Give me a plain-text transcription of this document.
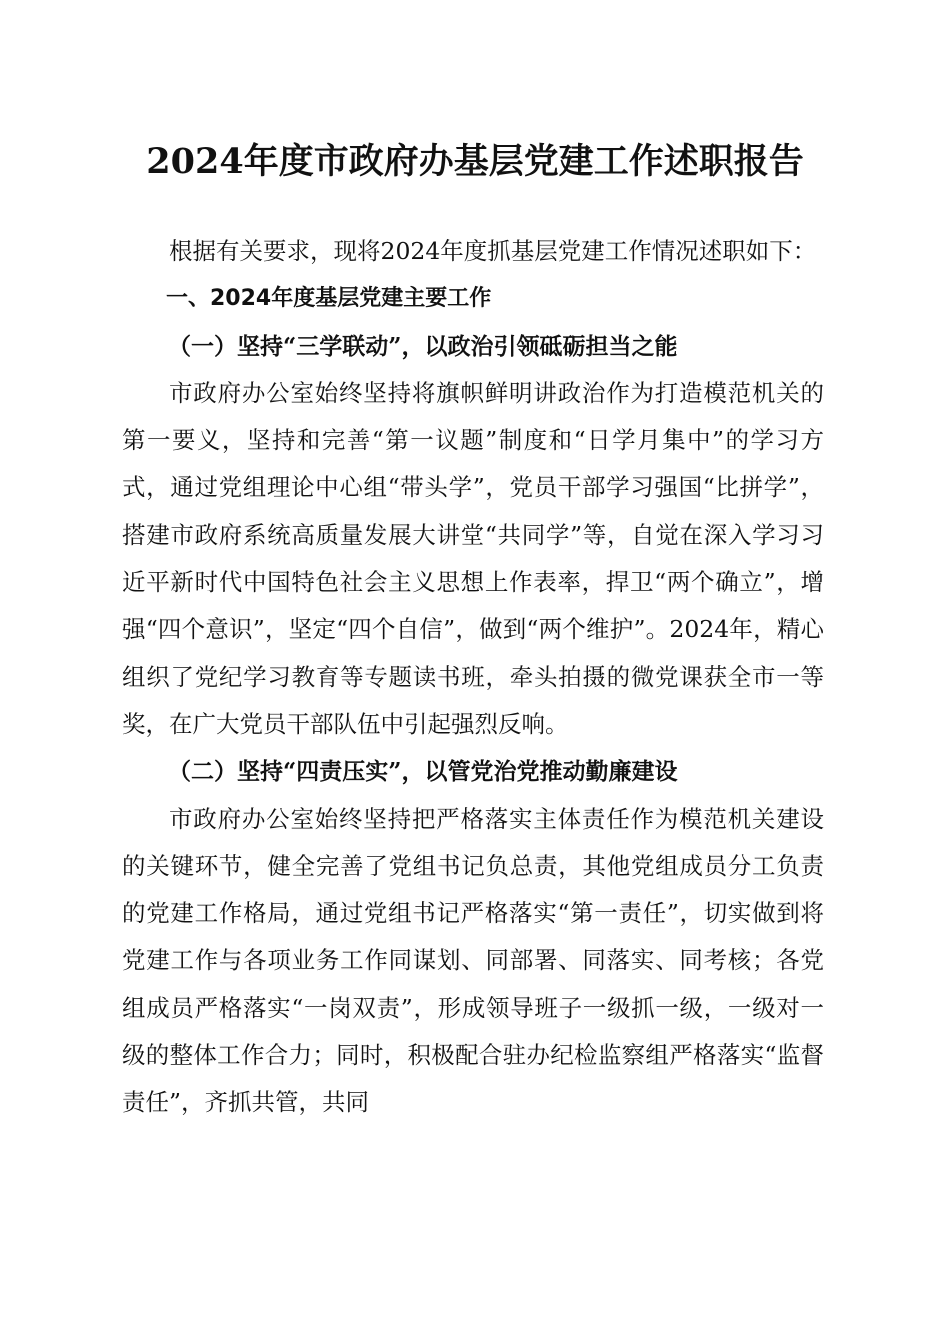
2024年度市政府办基层党建工作述职报告

根据有关要求，现将2024年度抓基层党建工作情况述职如下：

一、2024年度基层党建主要工作
（一）坚持“三学联动”，以政治引领砥砺担当之能

市政府办公室始终坚持将旗帜鲜明讲政治作为打造模范机关的第一要义，坚持和完善“第一议题”制度和“日学月集中”的学习方式，通过党组理论中心组“带头学”，党员干部学习强国“比拼学”，搭建市政府系统高质量发展大讲堂“共同学”等，自觉在深入学习习近平新时代中国特色社会主义思想上作表率，捍卫“两个确立”，增强“四个意识”，坚定“四个自信”，做到“两个维护”。2024年，精心组织了党纪学习教育等专题读书班，牵头拍摄的微党课获全市一等奖，在广大党员干部队伍中引起强烈反响。

（二）坚持“四责压实”，以管党治党推动勤廉建设

市政府办公室始终坚持把严格落实主体责任作为模范机关建设的关键环节，健全完善了党组书记负总责，其他党组成员分工负责的党建工作格局，通过党组书记严格落实“第一责任”，切实做到将党建工作与各项业务工作同谋划、同部署、同落实、同考核；各党组成员严格落实“一岗双责”，形成领导班子一级抓一级，一级对一级的整体工作合力；同时，积极配合驻办纪检监察组严格落实“监督责任”，齐抓共管，共同
